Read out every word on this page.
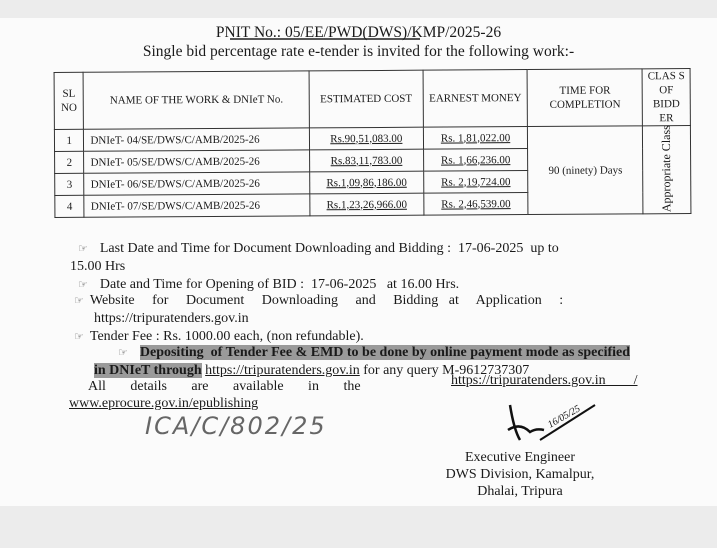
PNIT No.: 05/EE/PWD(DWS)/KMP/2025-26
Single bid percentage rate e-tender is invited for the following work:-
SL NO	NAME OF THE WORK & DNIeT No.	ESTIMATED COST	EARNEST MONEY	TIME FOR COMPLETION	CLAS S OF BIDD ER
1	DNIeT- 04/SE/DWS/C/AMB/2025-26	Rs.90,51,083.00	Rs. 1,81,022.00	90 (ninety) Days	Appropriate Class
2	DNIeT- 05/SE/DWS/C/AMB/2025-26	Rs.83,11,783.00	Rs. 1,66,236.00		
3	DNIeT- 06/SE/DWS/C/AMB/2025-26	Rs.1,09,86,186.00	Rs. 2,19,724.00		
4	DNIeT- 07/SE/DWS/C/AMB/2025-26	Rs.1,23,26,966.00	Rs. 2,46,539.00		
☞ Last Date and Time for Document Downloading and Bidding :  17-06-2025  up to
15.00 Hrs
☞ Date and Time for Opening of BID :  17-06-2025   at 16.00 Hrs.
☞ Website     for     Document     Downloading     and     Bidding   at     Application     :
https://tripuratenders.gov.in
☞ Tender Fee : Rs. 1000.00 each, (non refundable).
☞ Depositing  of Tender Fee & EMD to be done by online payment mode as specified
in DNIeT through https://tripuratenders.gov.in for any query M-9612737307
All       details       are       available       in       the	https://tripuratenders.gov.in        /
www.eprocure.gov.in/epublishing
ICA/C/802/25	16/05/25
Executive Engineer
DWS Division, Kamalpur,
Dhalai, Tripura
